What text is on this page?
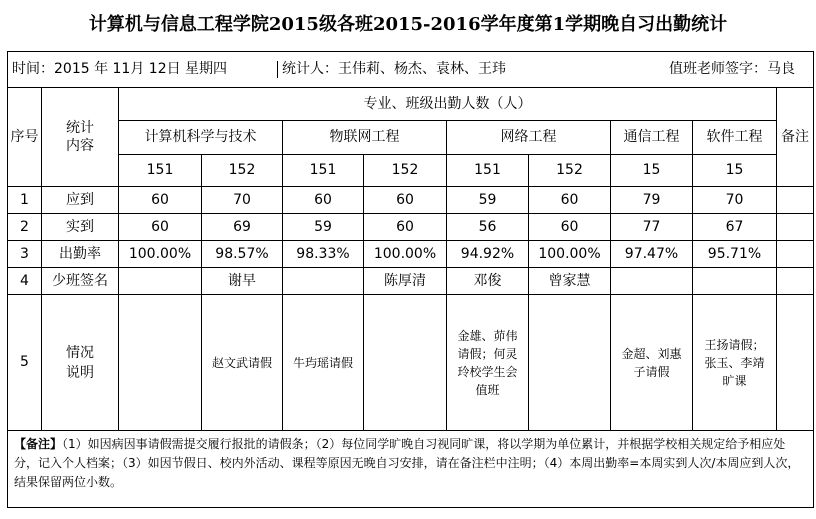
计算机与信息工程学院2015级各班2015-2016学年度第1学期晚自习出勤统计
时间：2015 年 11月 12日 星期四 统计人：王伟莉、杨杰、袁林、王玮 值班老师签字：马良										

序号	统计内容	专业、班级出勤人数（人）								备注
		计算机科学与技术		物联网工程		网络工程		通信工程	软件工程	
		151	152	151	152	151	152	15	15	
1	应到	60	70	60	60	59	60	79	70	
2	实到	60	69	59	60	56	60	77	67	
3	出勤率	100.00%	98.57%	98.33%	100.00%	94.92%	100.00%	97.47%	95.71%	
4	少班签名		谢早		陈厚清	邓俊	曾家慧			
5	情况说明		赵文武请假	牛玙瑶请假		金雄、茆伟请假；何灵玲校学生会值班		金超、刘惠子请假	王扬请假；张玉、李靖旷课	

【备注】（1）如因病因事请假需提交履行报批的请假条；（2）每位同学旷晚自习视同旷课，将以学期为单位累计，并根据学校相关规定给予相应处分，记入个人档案；（3）如因节假日、校内外活动、课程等原因无晚自习安排，请在备注栏中注明；（4）本周出勤率=本周实到人次/本周应到人次，结果保留两位小数。										
